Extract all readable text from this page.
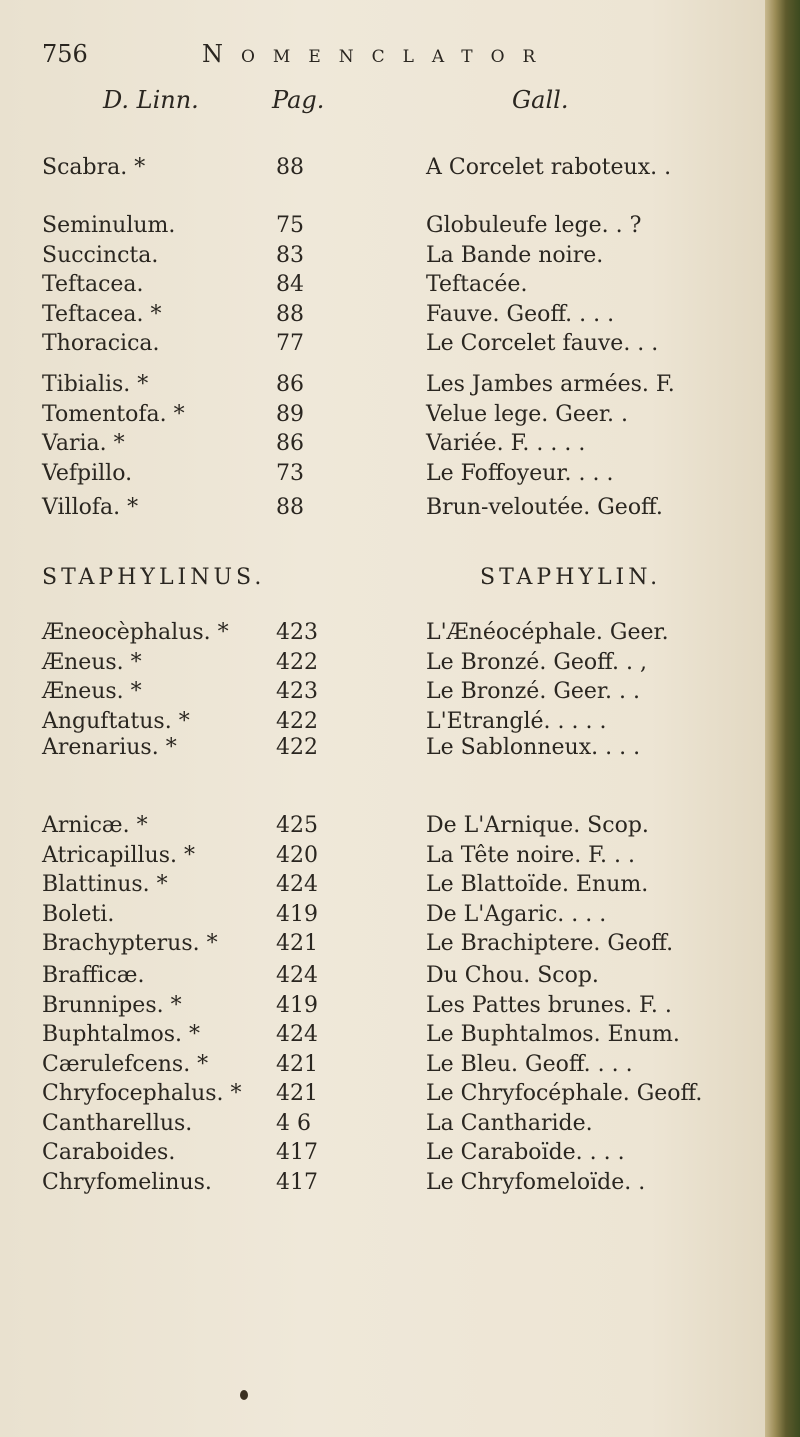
756	Nomenclator
D. Linn.	Pag.	Gall.
Scabra. *	88	A Corcelet raboteux. .
Seminulum.	75	Globuleufe lege. . ?
Succincta.	83	La Bande noire.
Teftacea.	84	Teftacée.
Teftacea. *	88	Fauve. Geoff. . . .
Thoracica.	77	Le Corcelet fauve. . .
Tibialis. *	86	Les Jambes armées. F.
Tomentofa. *	89	Velue lege. Geer. .
Varia. *	86	Variée. F. . . . .
Vefpillo.	73	Le Foffoyeur. . . .
Villofa. *	88	Brun-veloutée. Geoff.
STAPHYLINUS.	STAPHYLIN.
Æneocèphalus. * 423	L'Ænéocéphale. Geer.
Æneus. *	422	Le Bronzé. Geoff. . ,
Æneus. *	423	Le Bronzé. Geer. . .
Anguftatus. *	422	L'Etranglé. . . . .
Arenarius. *	422	Le Sablonneux. . . .
Arnicæ. *	425	De L'Arnique. Scop.
Atricapillus. *	420	La Tête noire. F. . .
Blattinus. *	424	Le Blattoïde. Enum.
Boleti.	419	De L'Agaric. . . .
Brachypterus. *	421	Le Brachiptere. Geoff.
Brafficæ.	424	Du Chou. Scop.
Brunnipes. *	419	Les Pattes brunes. F. .
Buphtalmos. *	424	Le Buphtalmos. Enum.
Cærulefcens. *	421	Le Bleu. Geoff. . . .
Chryfocephalus. * 421	Le Chryfocéphale. Geoff.
Cantharellus.	4 6	La Cantharide.
Caraboides.	417	Le Caraboïde. . . .
Chryfomelinus.	417	Le Chryfomeloïde. .
